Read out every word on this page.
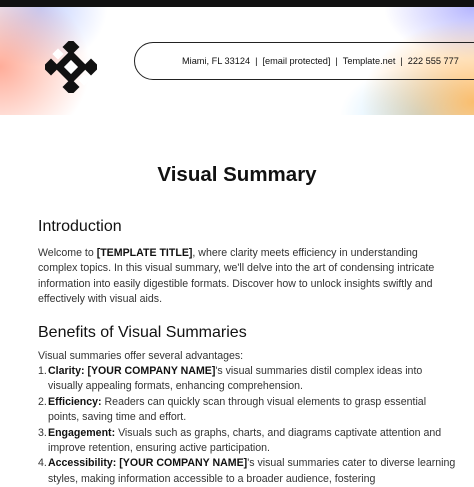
Miami, FL 33124 | [email protected] | Template.net | 222 555 777
Visual Summary
Introduction
Welcome to [TEMPLATE TITLE], where clarity meets efficiency in understanding complex topics. In this visual summary, we'll delve into the art of condensing intricate information into easily digestible formats. Discover how to unlock insights swiftly and effectively with visual aids.
Benefits of Visual Summaries
Visual summaries offer several advantages:
1. Clarity: [YOUR COMPANY NAME]'s visual summaries distil complex ideas into visually appealing formats, enhancing comprehension.
2. Efficiency: Readers can quickly scan through visual elements to grasp essential points, saving time and effort.
3. Engagement: Visuals such as graphs, charts, and diagrams captivate attention and improve retention, ensuring active participation.
4. Accessibility: [YOUR COMPANY NAME]'s visual summaries cater to diverse learning styles, making information accessible to a broader audience, fostering
